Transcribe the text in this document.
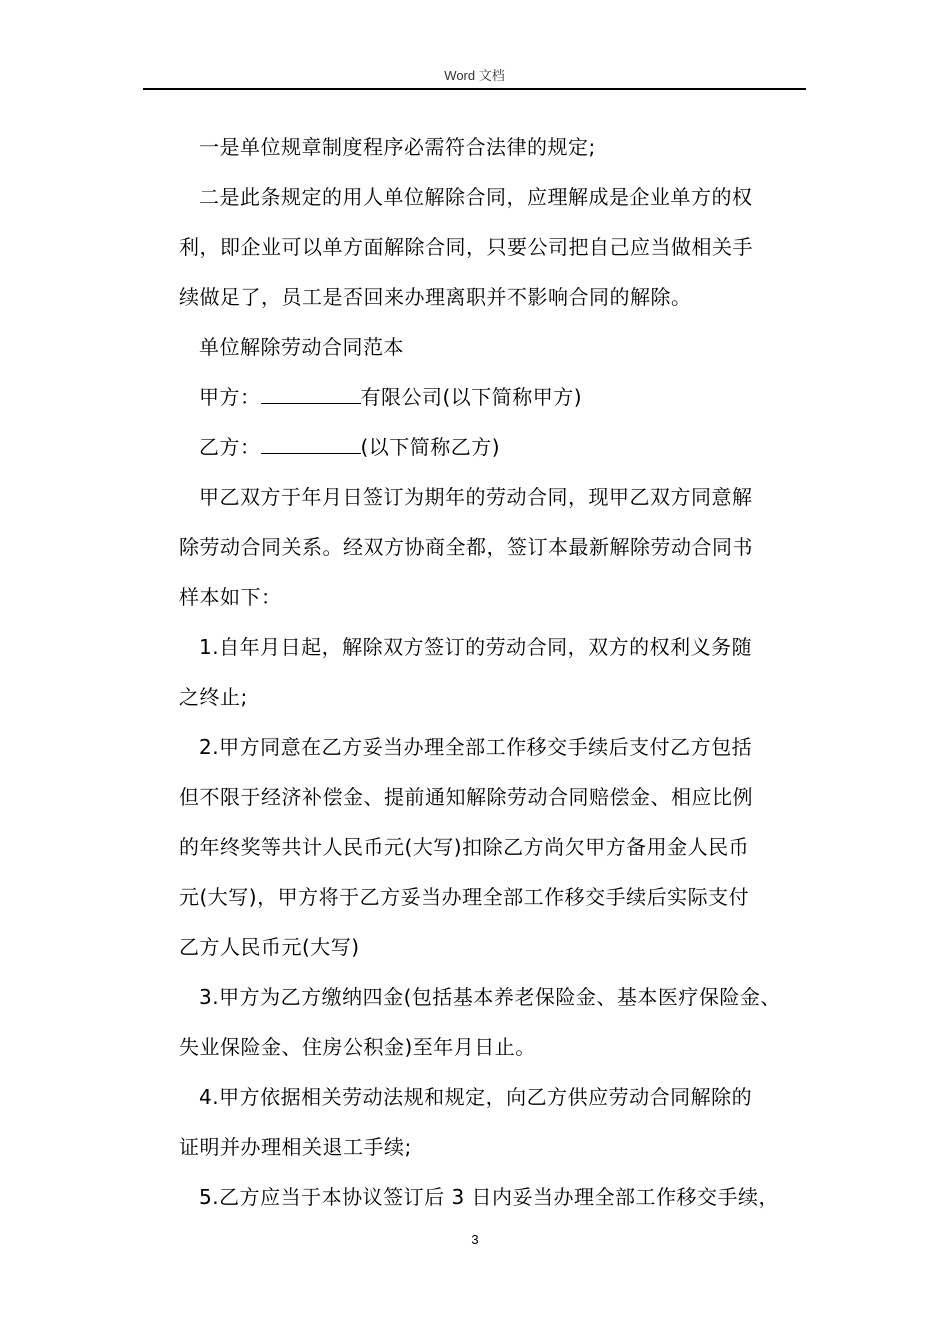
Word 文档
一是单位规章制度程序必需符合法律的规定;
二是此条规定的用人单位解除合同，应理解成是企业单方的权
利，即企业可以单方面解除合同，只要公司把自己应当做相关手
续做足了，员工是否回来办理离职并不影响合同的解除。
单位解除劳动合同范本
甲方：	有限公司(以下简称甲方)
乙方：	(以下简称乙方)
甲乙双方于年月日签订为期年的劳动合同，现甲乙双方同意解
除劳动合同关系。经双方协商全都，签订本最新解除劳动合同书
样本如下：
1.自年月日起，解除双方签订的劳动合同，双方的权利义务随
之终止;
2.甲方同意在乙方妥当办理全部工作移交手续后支付乙方包括
但不限于经济补偿金、提前通知解除劳动合同赔偿金、相应比例
的年终奖等共计人民币元(大写)扣除乙方尚欠甲方备用金人民币
元(大写)，甲方将于乙方妥当办理全部工作移交手续后实际支付
乙方人民币元(大写)
3.甲方为乙方缴纳四金(包括基本养老保险金、基本医疗保险金、
失业保险金、住房公积金)至年月日止。
4.甲方依据相关劳动法规和规定，向乙方供应劳动合同解除的
证明并办理相关退工手续;
5.乙方应当于本协议签订后 3 日内妥当办理全部工作移交手续，
3
